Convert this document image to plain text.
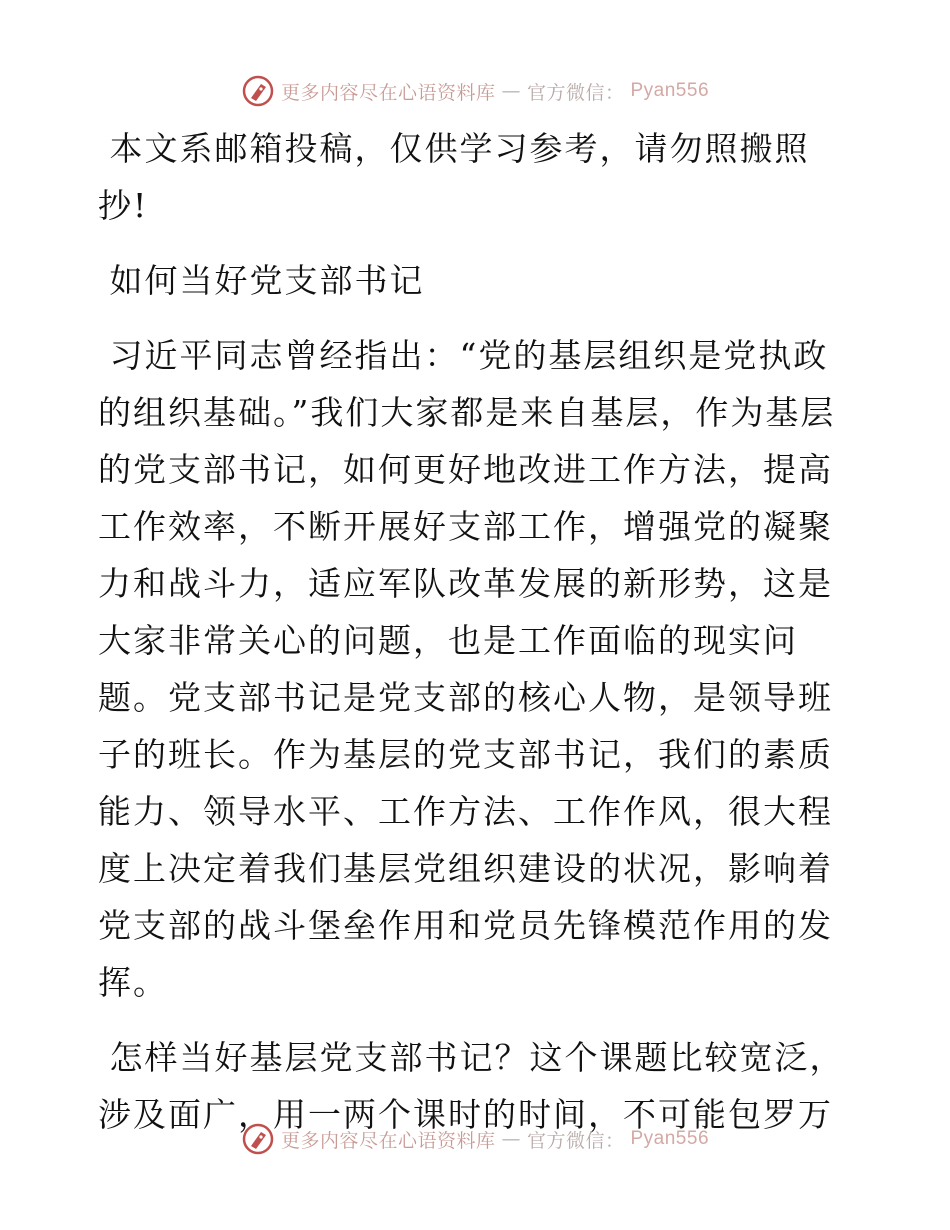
更多内容尽在心语资料库 — 官方微信： Pyan556

本文系邮箱投稿，仅供学习参考，请勿照搬照抄!

如何当好党支部书记

习近平同志曾经指出：“党的基层组织是党执政的组织基础。”我们大家都是来自基层，作为基层的党支部书记，如何更好地改进工作方法，提高工作效率，不断开展好支部工作，增强党的凝聚力和战斗力，适应军队改革发展的新形势，这是大家非常关心的问题，也是工作面临的现实问题。党支部书记是党支部的核心人物，是领导班子的班长。作为基层的党支部书记，我们的素质能力、领导水平、工作方法、工作作风，很大程度上决定着我们基层党组织建设的状况，影响着党支部的战斗堡垒作用和党员先锋模范作用的发挥。

怎样当好基层党支部书记？这个课题比较宽泛，涉及面广，用一两个课时的时间，不可能包罗万

更多内容尽在心语资料库 — 官方微信： Pyan556
